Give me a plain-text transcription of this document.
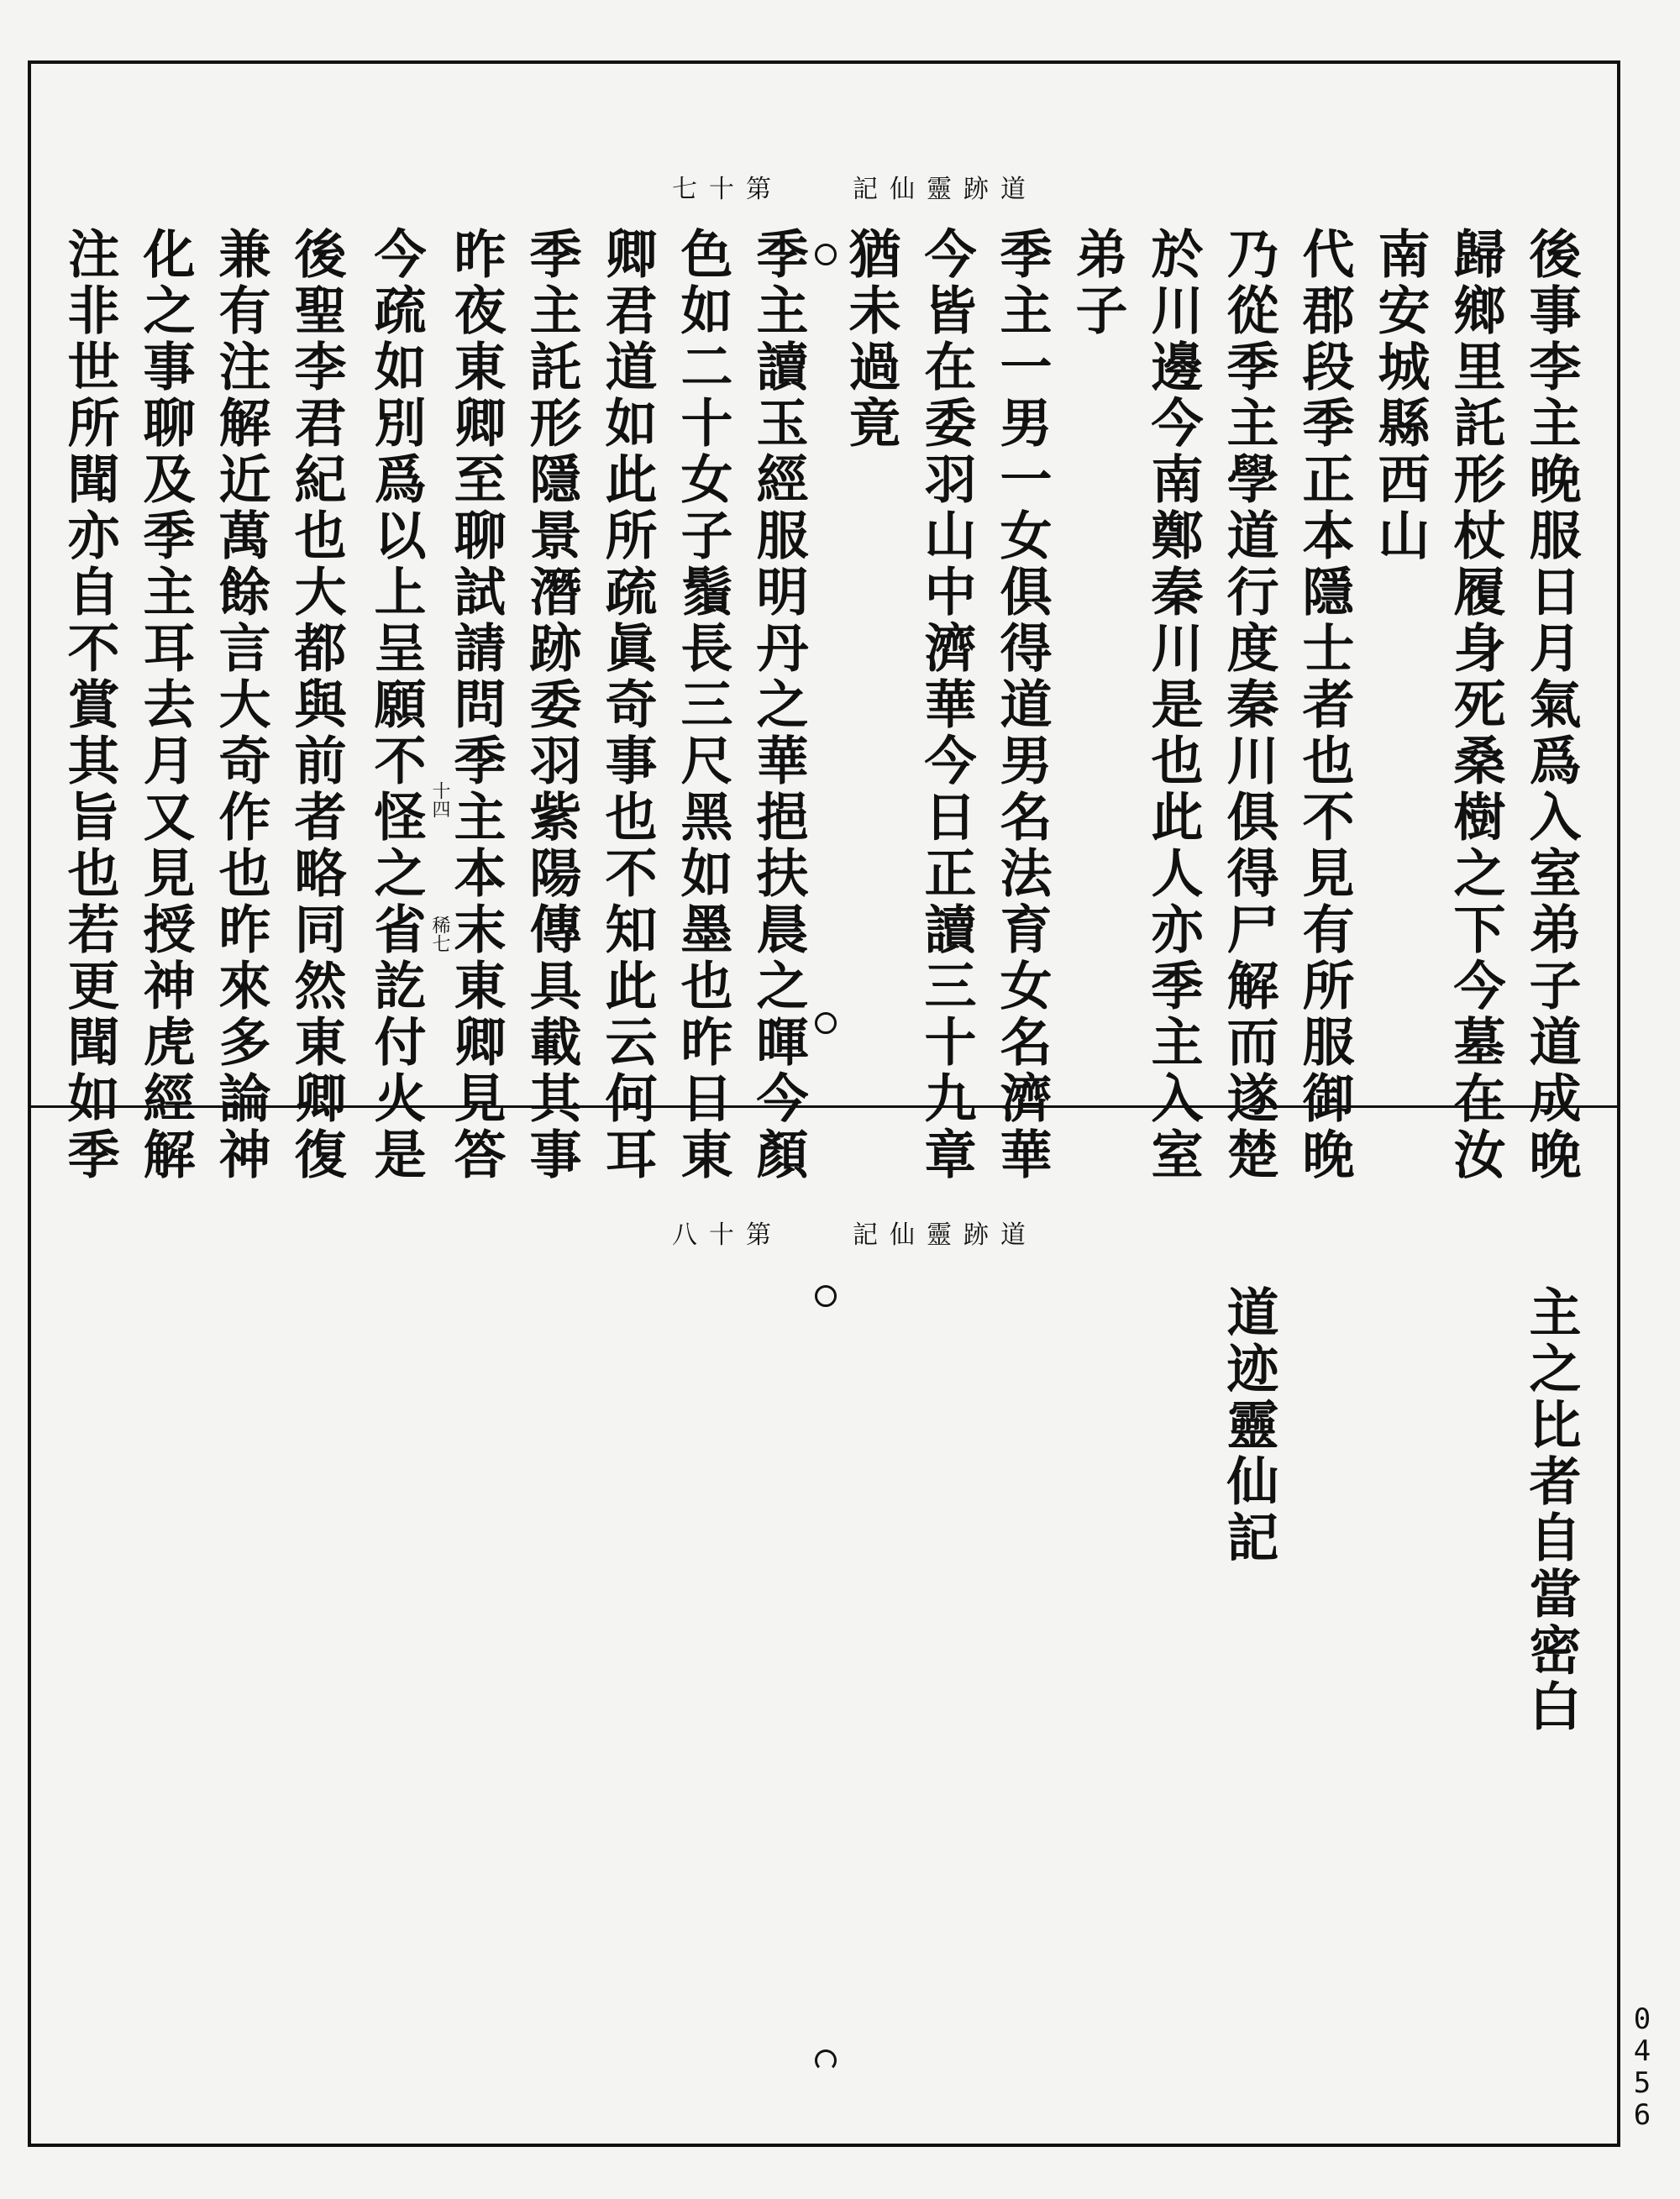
七十第	記仙靈跡道
後事李主晚服日月氣爲入室弟子道成晚
歸鄉里託形杖履身死桑樹之下今墓在汝
南安城縣西山
代郡段季正本隱士者也不見有所服御晚
乃從季主學道行度秦川俱得尸解而遂楚
於川邊今南鄭秦川是也此人亦季主入室
弟子
季主一男一女俱得道男名法育女名濟華
今皆在委羽山中濟華今日正讀三十九章
猶未過竟
季主讀玉經服明丹之華挹扶晨之暉今顏
色如二十女子鬚長三尺黑如墨也昨日東
卿君道如此所疏眞奇事也不知此云何耳
季主託形隱景潛跡委羽紫陽傳具載其事
昨夜東卿至聊試請問季主本末東卿見答
今疏如別爲以上呈願不怪之省訖付火是
後聖李君紀也大都與前者略同然東卿復
兼有注解近萬餘言大奇作也昨來多論神
化之事聊及季主耳去月又見授神虎經解
注非世所聞亦自不賞其旨也若更聞如季	十四
稀七
八十第	記仙靈跡道
主之比者自當密白
道迹靈仙記
0456
